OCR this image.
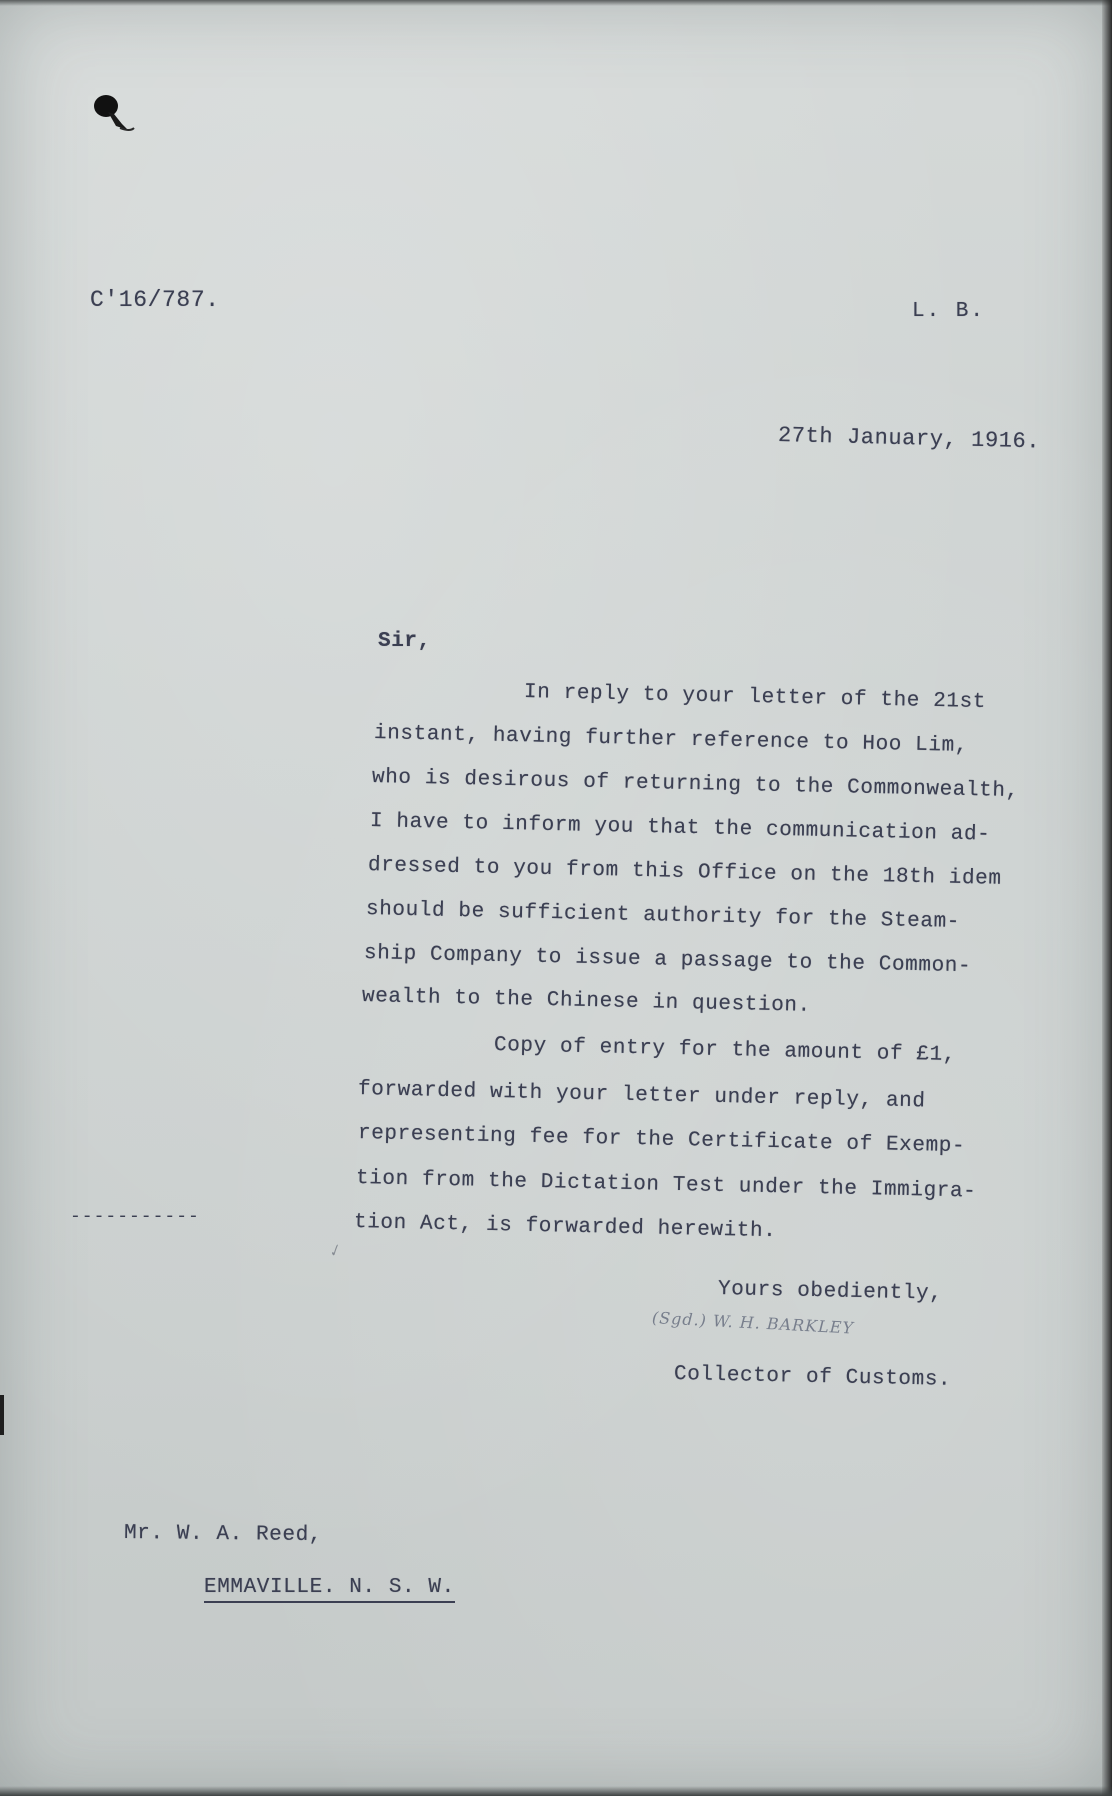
C'16/787.	L. B.
27th January, 1916.
Sir,
In reply to your letter of the 21st
instant, having further reference to Hoo Lim,
who is desirous of returning to the Commonwealth,
I have to inform you that the communication ad-
dressed to you from this Office on the 18th idem
should be sufficient authority for the Steam-
ship Company to issue a passage to the Common-
wealth to the Chinese in question.
Copy of entry for the amount of £1,
forwarded with your letter under reply, and
representing fee for the Certificate of Exemp-
tion from the Dictation Test under the Immigra-
tion Act, is forwarded herewith.
-----------
✓
Yours obediently,
(Sgd.) W. H. BARKLEY
Collector of Customs.
Mr. W. A. Reed,
EMMAVILLE. N. S. W.
